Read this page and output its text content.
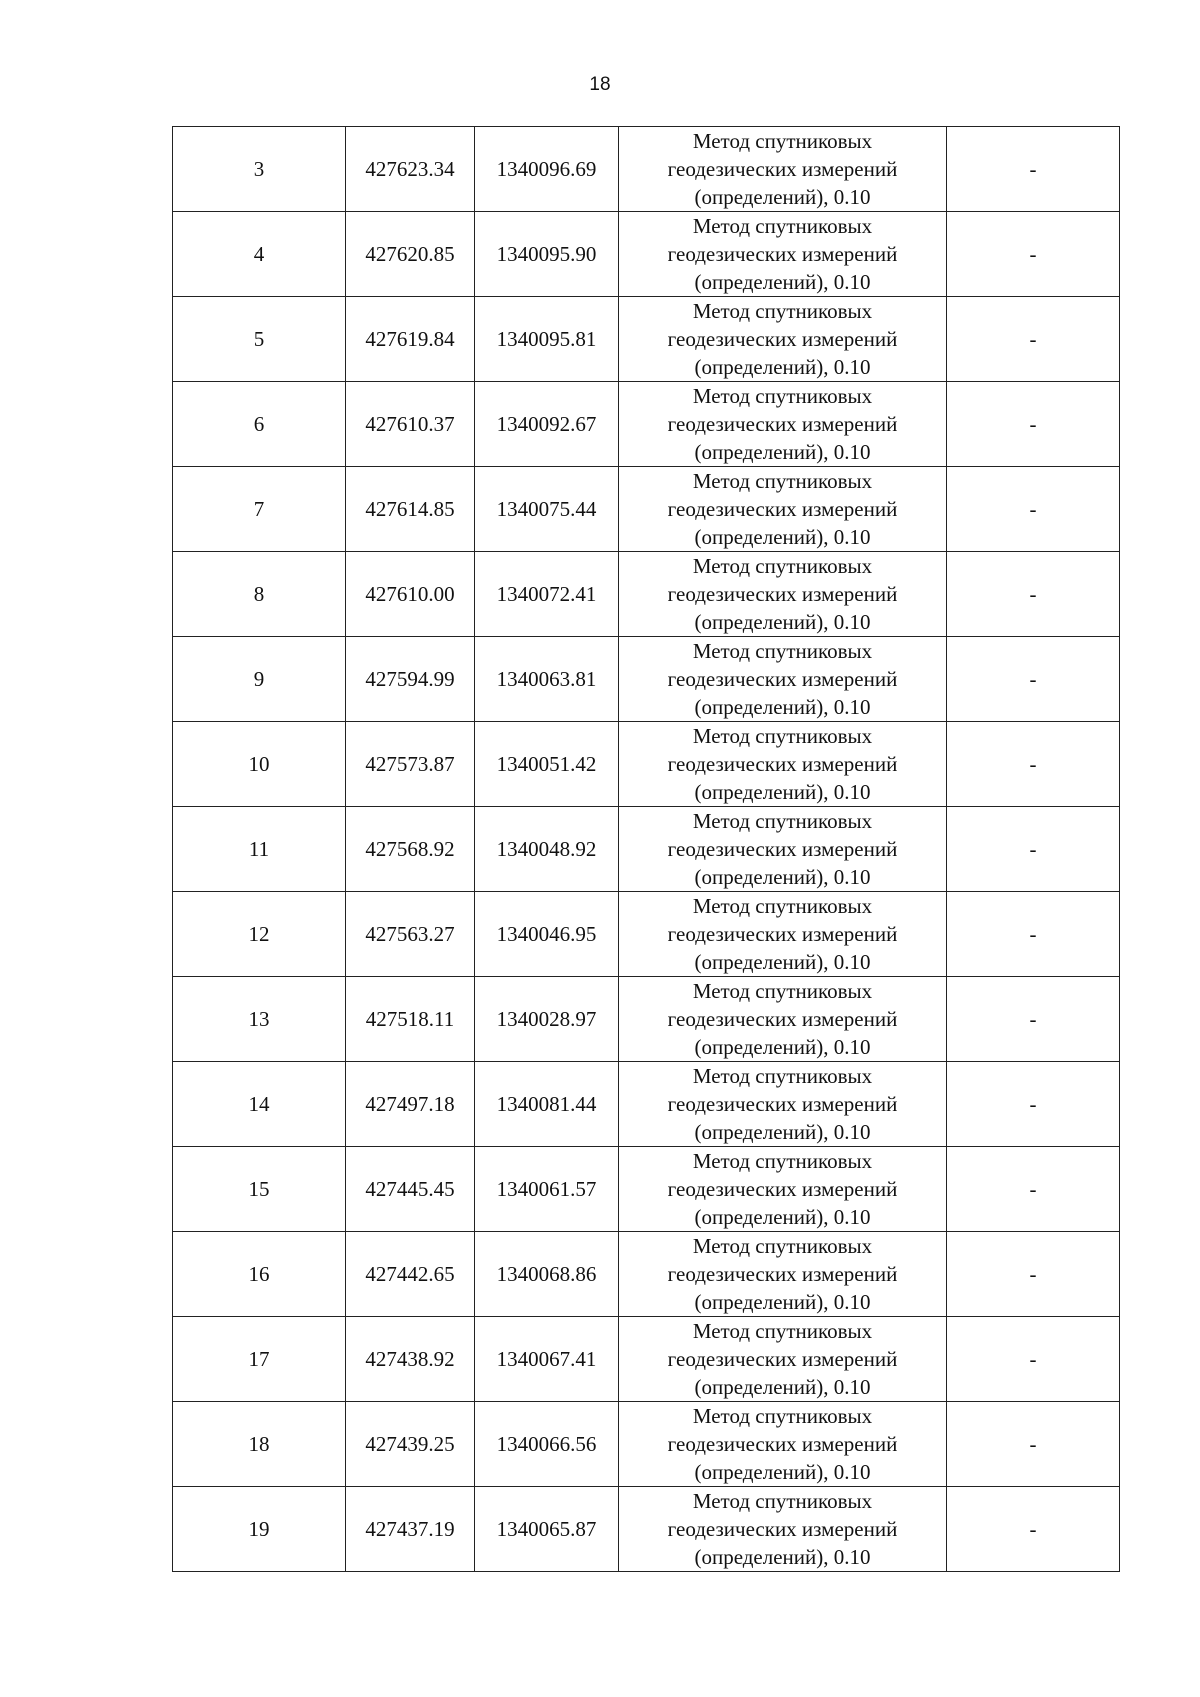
18
3	427623.34	1340096.69	Метод спутниковых
геодезических измерений
(определений), 0.10	-
4	427620.85	1340095.90	Метод спутниковых
геодезических измерений
(определений), 0.10	-
5	427619.84	1340095.81	Метод спутниковых
геодезических измерений
(определений), 0.10	-
6	427610.37	1340092.67	Метод спутниковых
геодезических измерений
(определений), 0.10	-
7	427614.85	1340075.44	Метод спутниковых
геодезических измерений
(определений), 0.10	-
8	427610.00	1340072.41	Метод спутниковых
геодезических измерений
(определений), 0.10	-
9	427594.99	1340063.81	Метод спутниковых
геодезических измерений
(определений), 0.10	-
10	427573.87	1340051.42	Метод спутниковых
геодезических измерений
(определений), 0.10	-
11	427568.92	1340048.92	Метод спутниковых
геодезических измерений
(определений), 0.10	-
12	427563.27	1340046.95	Метод спутниковых
геодезических измерений
(определений), 0.10	-
13	427518.11	1340028.97	Метод спутниковых
геодезических измерений
(определений), 0.10	-
14	427497.18	1340081.44	Метод спутниковых
геодезических измерений
(определений), 0.10	-
15	427445.45	1340061.57	Метод спутниковых
геодезических измерений
(определений), 0.10	-
16	427442.65	1340068.86	Метод спутниковых
геодезических измерений
(определений), 0.10	-
17	427438.92	1340067.41	Метод спутниковых
геодезических измерений
(определений), 0.10	-
18	427439.25	1340066.56	Метод спутниковых
геодезических измерений
(определений), 0.10	-
19	427437.19	1340065.87	Метод спутниковых
геодезических измерений
(определений), 0.10	-
